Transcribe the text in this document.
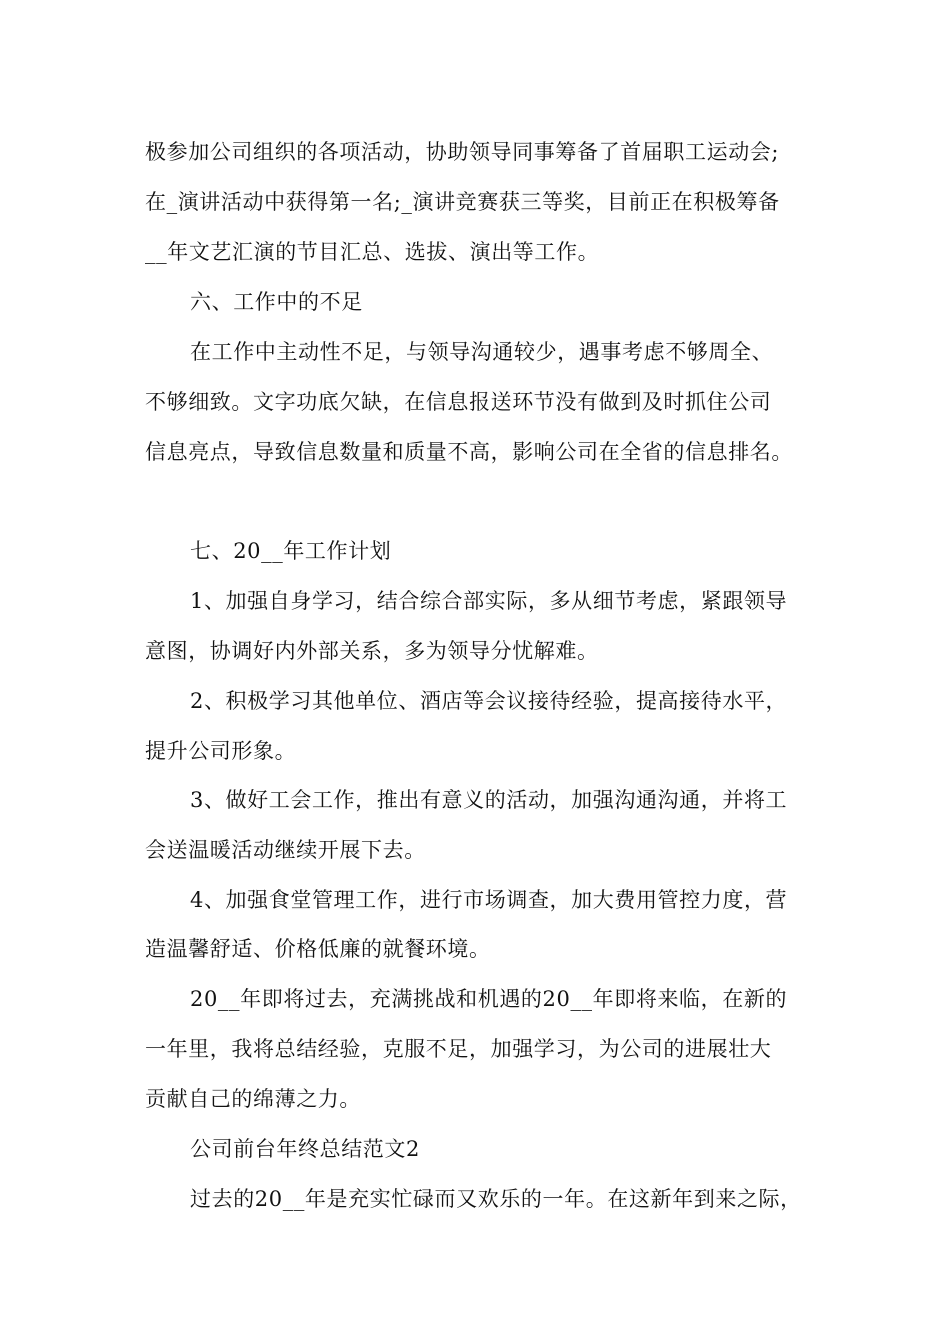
极参加公司组织的各项活动，协助领导同事筹备了首届职工运动会;
在_演讲活动中获得第一名;_演讲竞赛获三等奖，目前正在积极筹备
__年文艺汇演的节目汇总、选拔、演出等工作。
六、工作中的不足
在工作中主动性不足，与领导沟通较少，遇事考虑不够周全、
不够细致。文字功底欠缺，在信息报送环节没有做到及时抓住公司
信息亮点，导致信息数量和质量不高，影响公司在全省的信息排名。
七、20__年工作计划
1、加强自身学习，结合综合部实际，多从细节考虑，紧跟领导
意图，协调好内外部关系，多为领导分忧解难。
2、积极学习其他单位、酒店等会议接待经验，提高接待水平，
提升公司形象。
3、做好工会工作，推出有意义的活动，加强沟通沟通，并将工
会送温暖活动继续开展下去。
4、加强食堂管理工作，进行市场调查，加大费用管控力度，营
造温馨舒适、价格低廉的就餐环境。
20__年即将过去，充满挑战和机遇的20__年即将来临，在新的
一年里，我将总结经验，克服不足，加强学习，为公司的进展壮大
贡献自己的绵薄之力。
公司前台年终总结范文2
过去的20__年是充实忙碌而又欢乐的一年。在这新年到来之际，
